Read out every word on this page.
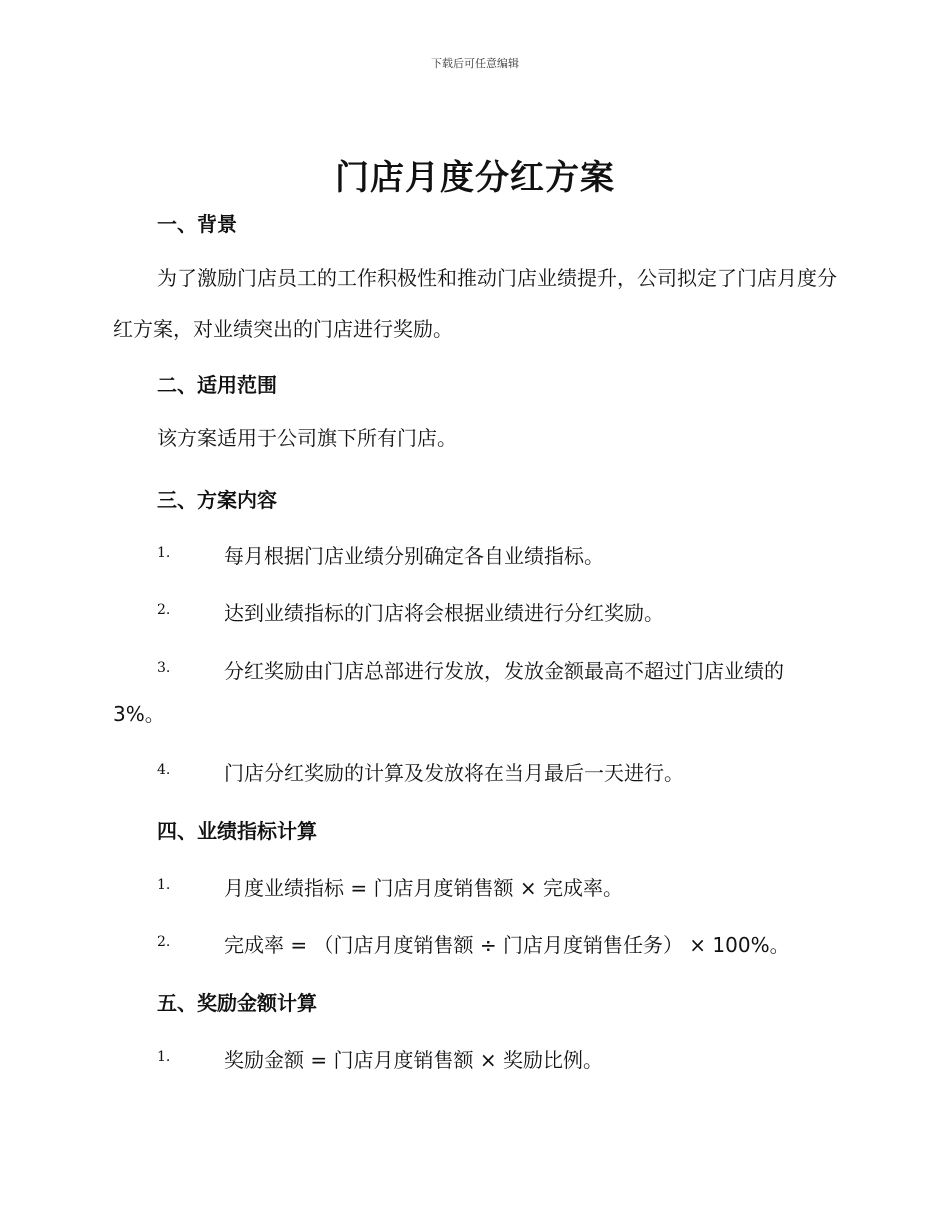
下载后可任意编辑
门店月度分红方案
一、背景
为了激励门店员工的工作积极性和推动门店业绩提升，公司拟定了门店月度分红方案，对业绩突出的门店进行奖励。
二、适用范围
该方案适用于公司旗下所有门店。
三、方案内容
1.	每月根据门店业绩分别确定各自业绩指标。
2.	达到业绩指标的门店将会根据业绩进行分红奖励。
3.	分红奖励由门店总部进行发放，发放金额最高不超过门店业绩的
3%。
4.	门店分红奖励的计算及发放将在当月最后一天进行。
四、业绩指标计算
1.	月度业绩指标 = 门店月度销售额 × 完成率。
2.	完成率 = （门店月度销售额 ÷ 门店月度销售任务） × 100%。
五、奖励金额计算
1.	奖励金额 = 门店月度销售额 × 奖励比例。
